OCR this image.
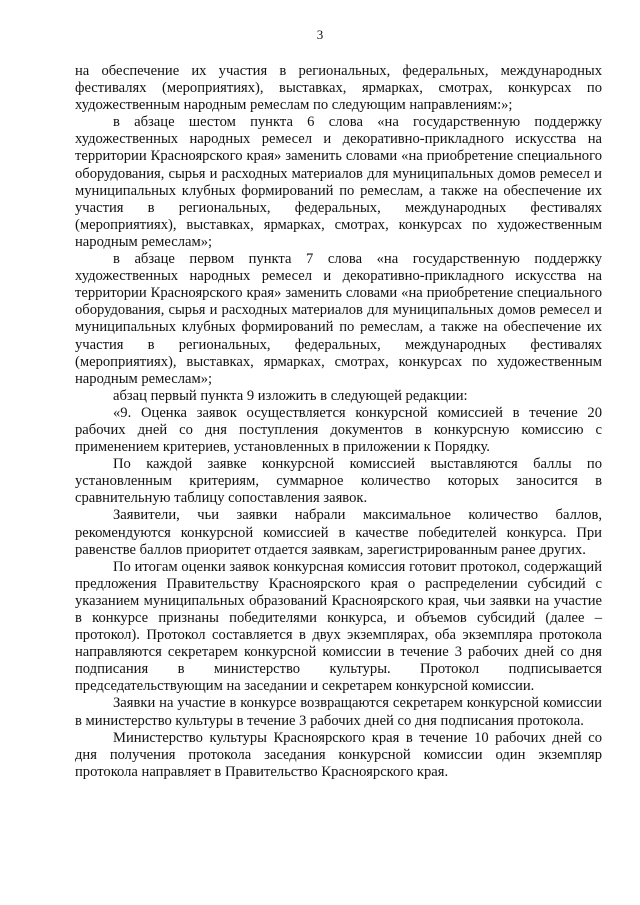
3

на обеспечение их участия в региональных, федеральных, международных фестивалях (мероприятиях), выставках, ярмарках, смотрах, конкурсах по художественным народным ремеслам по следующим направлениям:»;

в абзаце шестом пункта 6 слова «на государственную поддержку художественных народных ремесел и декоративно-прикладного искусства на территории Красноярского края» заменить словами «на приобретение специального оборудования, сырья и расходных материалов для муниципальных домов ремесел и муниципальных клубных формирований по ремеслам, а также на обеспечение их участия в региональных, федеральных, международных фестивалях (мероприятиях), выставках, ярмарках, смотрах, конкурсах по художественным народным ремеслам»;

в абзаце первом пункта 7 слова «на государственную поддержку художественных народных ремесел и декоративно-прикладного искусства на территории Красноярского края» заменить словами «на приобретение специального оборудования, сырья и расходных материалов для муниципальных домов ремесел и муниципальных клубных формирований по ремеслам, а также на обеспечение их участия в региональных, федеральных, международных фестивалях (мероприятиях), выставках, ярмарках, смотрах, конкурсах по художественным народным ремеслам»;

абзац первый пункта 9 изложить в следующей редакции:

«9. Оценка заявок осуществляется конкурсной комиссией в течение 20 рабочих дней со дня поступления документов в конкурсную комиссию с применением критериев, установленных в приложении к Порядку.

По каждой заявке конкурсной комиссией выставляются баллы по установленным критериям, суммарное количество которых заносится в сравнительную таблицу сопоставления заявок.

Заявители, чьи заявки набрали максимальное количество баллов, рекомендуются конкурсной комиссией в качестве победителей конкурса. При равенстве баллов приоритет отдается заявкам, зарегистрированным ранее других.

По итогам оценки заявок конкурсная комиссия готовит протокол, содержащий предложения Правительству Красноярского края о распределении субсидий с указанием муниципальных образований Красноярского края, чьи заявки на участие в конкурсе признаны победителями конкурса, и объемов субсидий (далее – протокол). Протокол составляется в двух экземплярах, оба экземпляра протокола направляются секретарем конкурсной комиссии в течение 3 рабочих дней со дня подписания в министерство культуры. Протокол подписывается председательствующим на заседании и секретарем конкурсной комиссии.

Заявки на участие в конкурсе возвращаются секретарем конкурсной комиссии в министерство культуры в течение 3 рабочих дней со дня подписания протокола.

Министерство культуры Красноярского края в течение 10 рабочих дней со дня получения протокола заседания конкурсной комиссии один экземпляр протокола направляет в Правительство Красноярского края.
